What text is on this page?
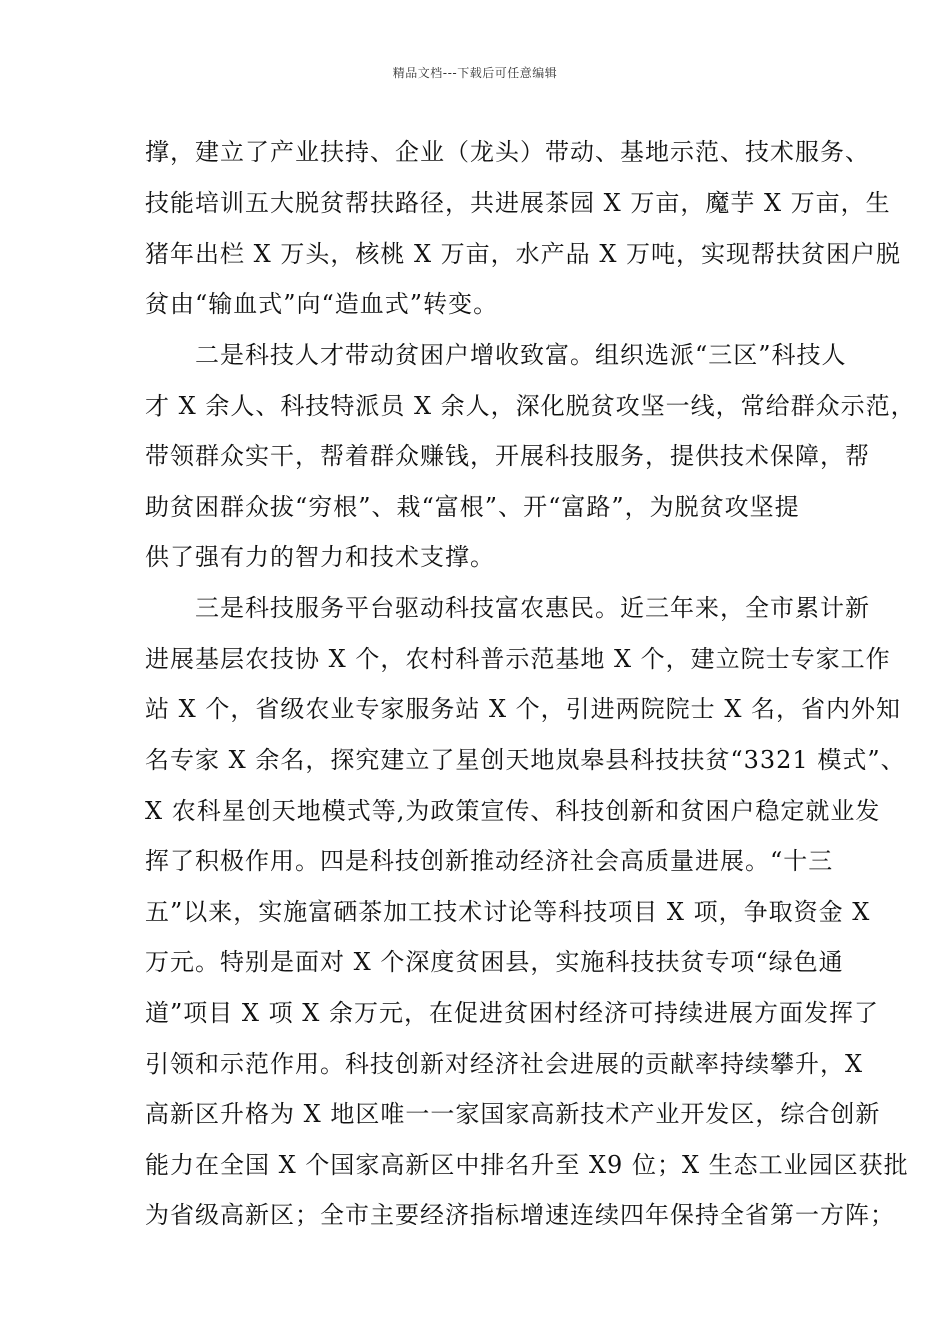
精品文档---下载后可任意编辑
撑，建立了产业扶持、企业（龙头）带动、基地示范、技术服务、
技能培训五大脱贫帮扶路径，共进展茶园 X 万亩，魔芋 X 万亩，生
猪年出栏 X 万头，核桃 X 万亩，水产品 X 万吨，实现帮扶贫困户脱
贫由“输血式”向“造血式”转变。
　　二是科技人才带动贫困户增收致富。组织选派“三区”科技人
才 X 余人、科技特派员 X 余人，深化脱贫攻坚一线，常给群众示范，
带领群众实干，帮着群众赚钱，开展科技服务，提供技术保障，帮
助贫困群众拔“穷根”、栽“富根”、开“富路”，为脱贫攻坚提
供了强有力的智力和技术支撑。
　　三是科技服务平台驱动科技富农惠民。近三年来，全市累计新
进展基层农技协 X 个，农村科普示范基地 X 个，建立院士专家工作
站 X 个，省级农业专家服务站 X 个，引进两院院士 X 名，省内外知
名专家 X 余名，探究建立了星创天地岚皋县科技扶贫“3321 模式”、
X 农科星创天地模式等,为政策宣传、科技创新和贫困户稳定就业发
挥了积极作用。四是科技创新推动经济社会高质量进展。“十三
五”以来，实施富硒茶加工技术讨论等科技项目 X 项，争取资金 X
万元。特别是面对 X 个深度贫困县，实施科技扶贫专项“绿色通
道”项目 X 项 X 余万元，在促进贫困村经济可持续进展方面发挥了
引领和示范作用。科技创新对经济社会进展的贡献率持续攀升，X
高新区升格为 X 地区唯一一家国家高新技术产业开发区，综合创新
能力在全国 X 个国家高新区中排名升至 X9 位；X 生态工业园区获批
为省级高新区；全市主要经济指标增速连续四年保持全省第一方阵；
